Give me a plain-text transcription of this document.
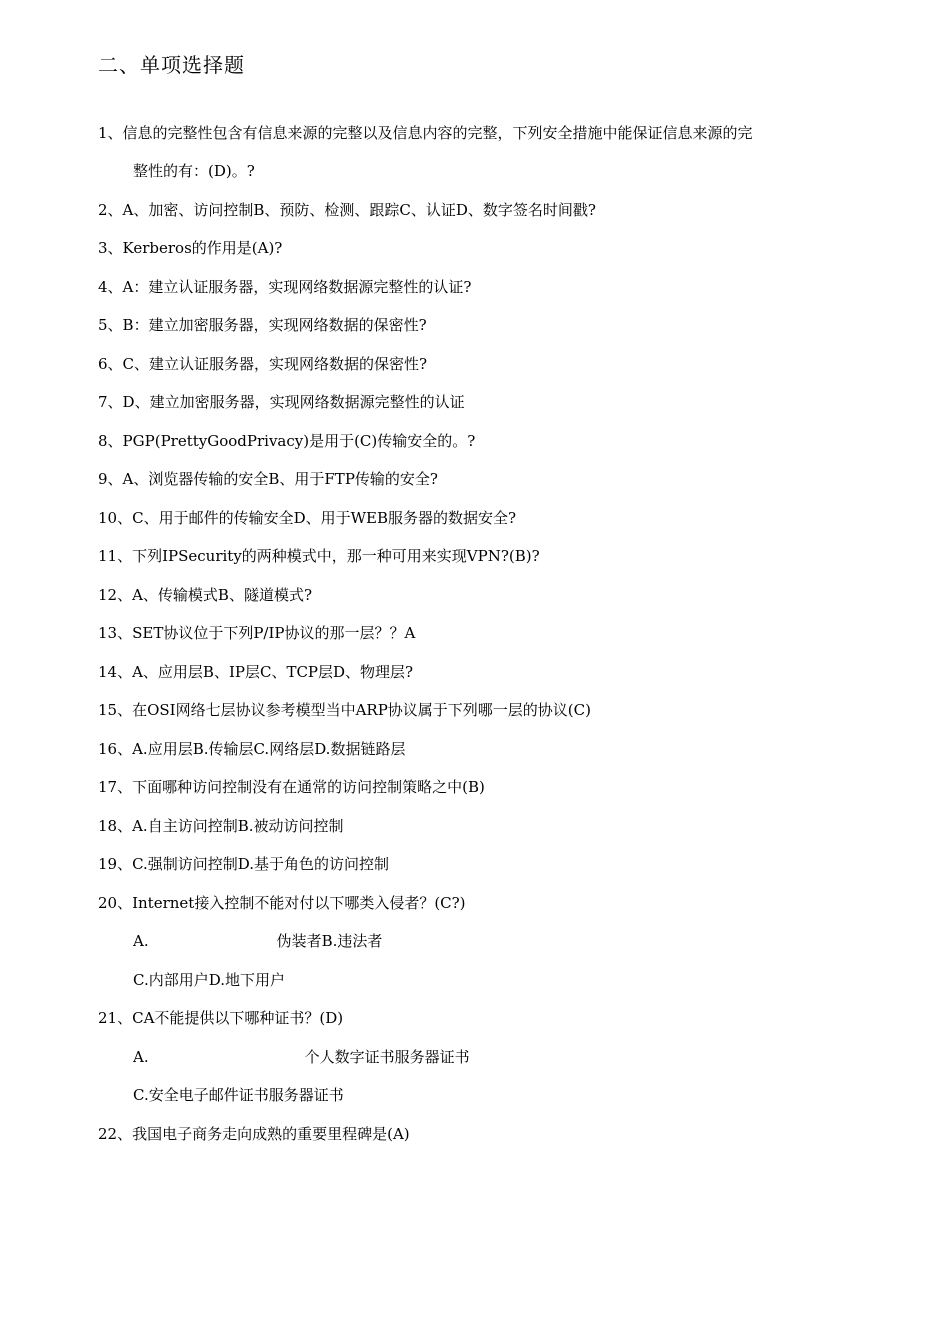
二、单项选择题
1、信息的完整性包含有信息来源的完整以及信息内容的完整，下列安全措施中能保证信息来源的完
整性的有：(D)。?
2、A、加密、访问控制B、预防、检测、跟踪C、认证D、数字签名时间戳?
3、Kerberos的作用是(A)?
4、A：建立认证服务器，实现网络数据源完整性的认证?
5、B：建立加密服务器，实现网络数据的保密性?
6、C、建立认证服务器，实现网络数据的保密性?
7、D、建立加密服务器，实现网络数据源完整性的认证
8、PGP(PrettyGoodPrivacy)是用于(C)传输安全的。?
9、A、浏览器传输的安全B、用于FTP传输的安全?
10、C、用于邮件的传输安全D、用于WEB服务器的数据安全?
11、下列IPSecurity的两种模式中，那一种可用来实现VPN?(B)?
12、A、传输模式B、隧道模式?
13、SET协议位于下列P/IP协议的那一层？？A
14、A、应用层B、IP层C、TCP层D、物理层?
15、在OSI网络七层协议参考模型当中ARP协议属于下列哪一层的协议(C)
16、A.应用层B.传输层C.网络层D.数据链路层
17、下面哪种访问控制没有在通常的访问控制策略之中(B)
18、A.自主访问控制B.被动访问控制
19、C.强制访问控制D.基于角色的访问控制
20、Internet接入控制不能对付以下哪类入侵者？(C?)
A.	伪装者B.违法者
C.内部用户D.地下用户
21、CA不能提供以下哪种证书？(D)
A.	个人数字证书服务器证书
C.安全电子邮件证书服务器证书
22、我国电子商务走向成熟的重要里程碑是(A)
